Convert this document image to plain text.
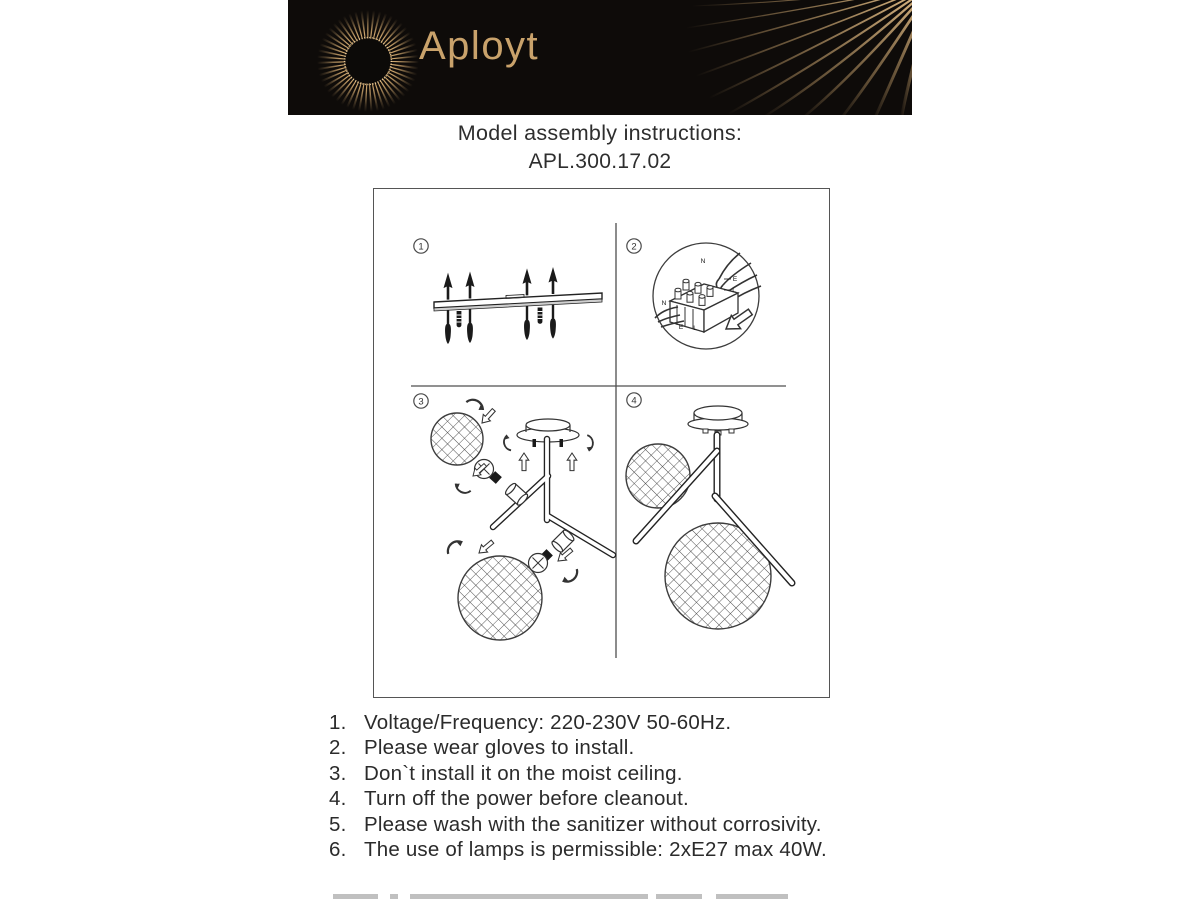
Aployt
Model assembly instructions:
APL.300.17.02
1	2
3	4
N
E
L
N
E L
1. Voltage/Frequency: 220-230V 50-60Hz.
2. Please wear gloves to install.
3. Don`t install it on the moist ceiling.
4. Turn off the power before cleanout.
5. Please wash with the sanitizer without corrosivity.
6. The use of lamps is permissible: 2xE27 max 40W.
